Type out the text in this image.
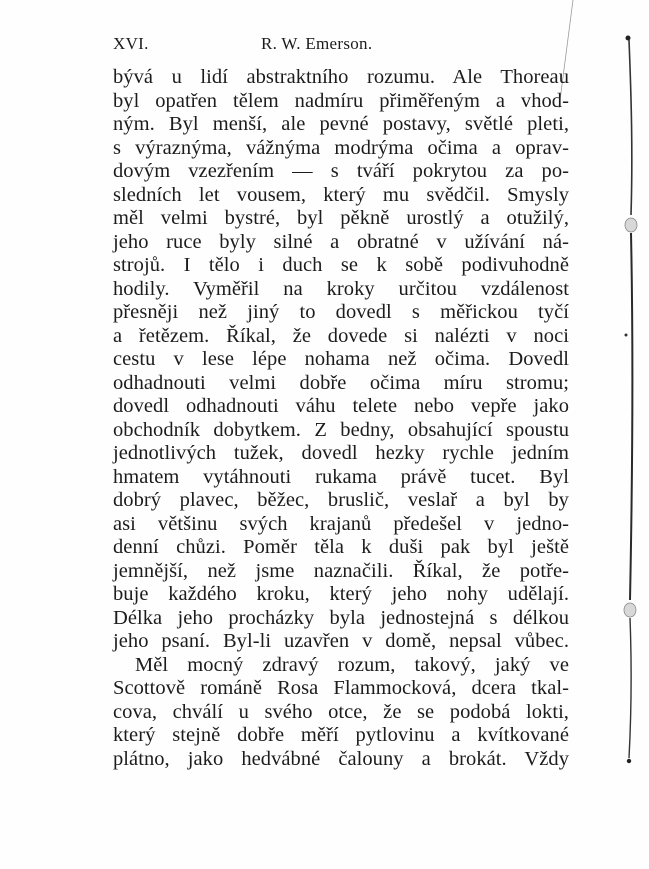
XVI.	R. W. Emerson.
bývá u lidí abstraktního rozumu. Ale Thoreau
byl opatřen tělem nadmíru přiměřeným a vhod-
ným. Byl menší, ale pevné postavy, světlé pleti,
s výraznýma, vážnýma modrýma očima a oprav-
dovým vzezřením — s tváří pokrytou za po-
sledních let vousem, který mu svědčil. Smysly
měl velmi bystré, byl pěkně urostlý a otužilý,
jeho ruce byly silné a obratné v užívání ná-
strojů. I tělo i duch se k sobě podivuhodně
hodily. Vyměřil na kroky určitou vzdálenost
přesněji než jiný to dovedl s měřickou tyčí
a řetězem. Říkal, že dovede si nalézti v noci
cestu v lese lépe nohama než očima. Dovedl
odhadnouti velmi dobře očima míru stromu;
dovedl odhadnouti váhu telete nebo vepře jako
obchodník dobytkem. Z bedny, obsahující spoustu
jednotlivých tužek, dovedl hezky rychle jedním
hmatem vytáhnouti rukama právě tucet. Byl
dobrý plavec, běžec, bruslič, veslař a byl by
asi většinu svých krajanů předešel v jedno-
denní chůzi. Poměr těla k duši pak byl ještě
jemnější, než jsme naznačili. Říkal, že potře-
buje každého kroku, který jeho nohy udělají.
Délka jeho procházky byla jednostejná s délkou
jeho psaní. Byl-li uzavřen v domě, nepsal vůbec.
Měl mocný zdravý rozum, takový, jaký ve
Scottově románě Rosa Flammocková, dcera tkal-
cova, chválí u svého otce, že se podobá lokti,
který stejně dobře měří pytlovinu a kvítkované
plátno, jako hedvábné čalouny a brokát. Vždy
